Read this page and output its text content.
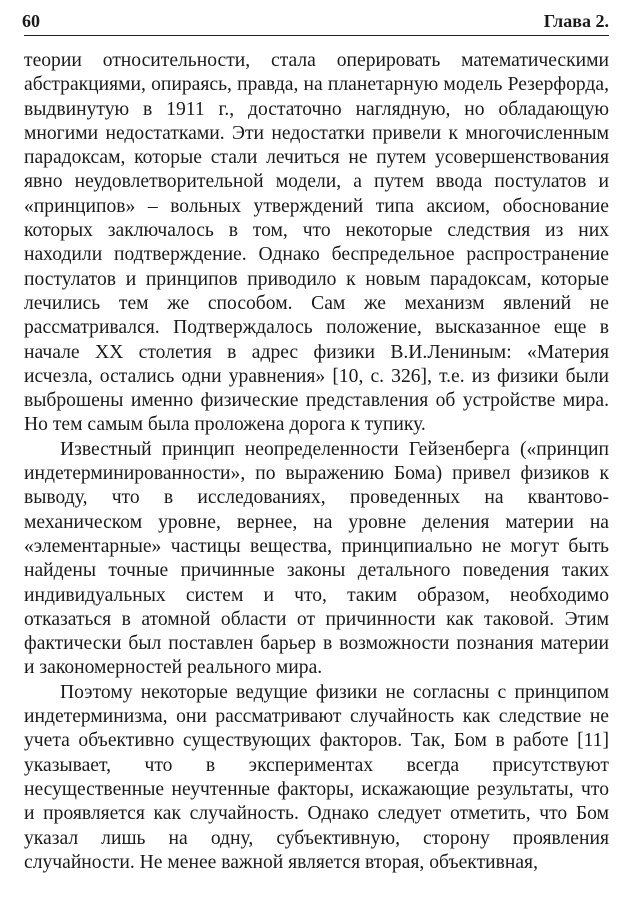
60	Глава 2.

теории относительности, стала оперировать математическими абстракциями, опираясь, правда, на планетарную модель Резерфорда, выдвинутую в 1911 г., достаточно наглядную, но обладающую многими недостатками. Эти недостатки привели к многочисленным парадоксам, которые стали лечиться не путем усовершенствования явно неудовлетворительной модели, а путем ввода постулатов и «принципов» – вольных утверждений типа аксиом, обоснование которых заключалось в том, что некоторые следствия из них находили подтверждение. Однако беспредельное распространение постулатов и принципов приводило к новым парадоксам, которые лечились тем же способом. Сам же механизм явлений не рассматривался. Подтверждалось положение, высказанное еще в начале XX столетия в адрес физики В.И.Лениным: «Материя исчезла, остались одни уравнения» [10, с. 326], т.е. из физики были выброшены именно физические представления об устройстве мира. Но тем самым была проложена дорога к тупику.

Известный принцип неопределенности Гейзенберга («принцип индетерминированности», по выражению Бома) привел физиков к выводу, что в исследованиях, проведенных на квантово-механическом уровне, вернее, на уровне деления материи на «элементарные» частицы вещества, принципиально не могут быть найдены точные причинные законы детального поведения таких индивидуальных систем и что, таким образом, необходимо отказаться в атомной области от причинности как таковой. Этим фактически был поставлен барьер в возможности познания материи и закономерностей реального мира.

Поэтому некоторые ведущие физики не согласны с принципом индетерминизма, они рассматривают случайность как следствие не учета объективно существующих факторов. Так, Бом в работе [11] указывает, что в экспериментах всегда присутствуют несущественные неучтенные факторы, искажающие результаты, что и проявляется как случайность. Однако следует отметить, что Бом указал лишь на одну, субъективную, сторону проявления случайности. Не менее важной является вторая, объективная,
